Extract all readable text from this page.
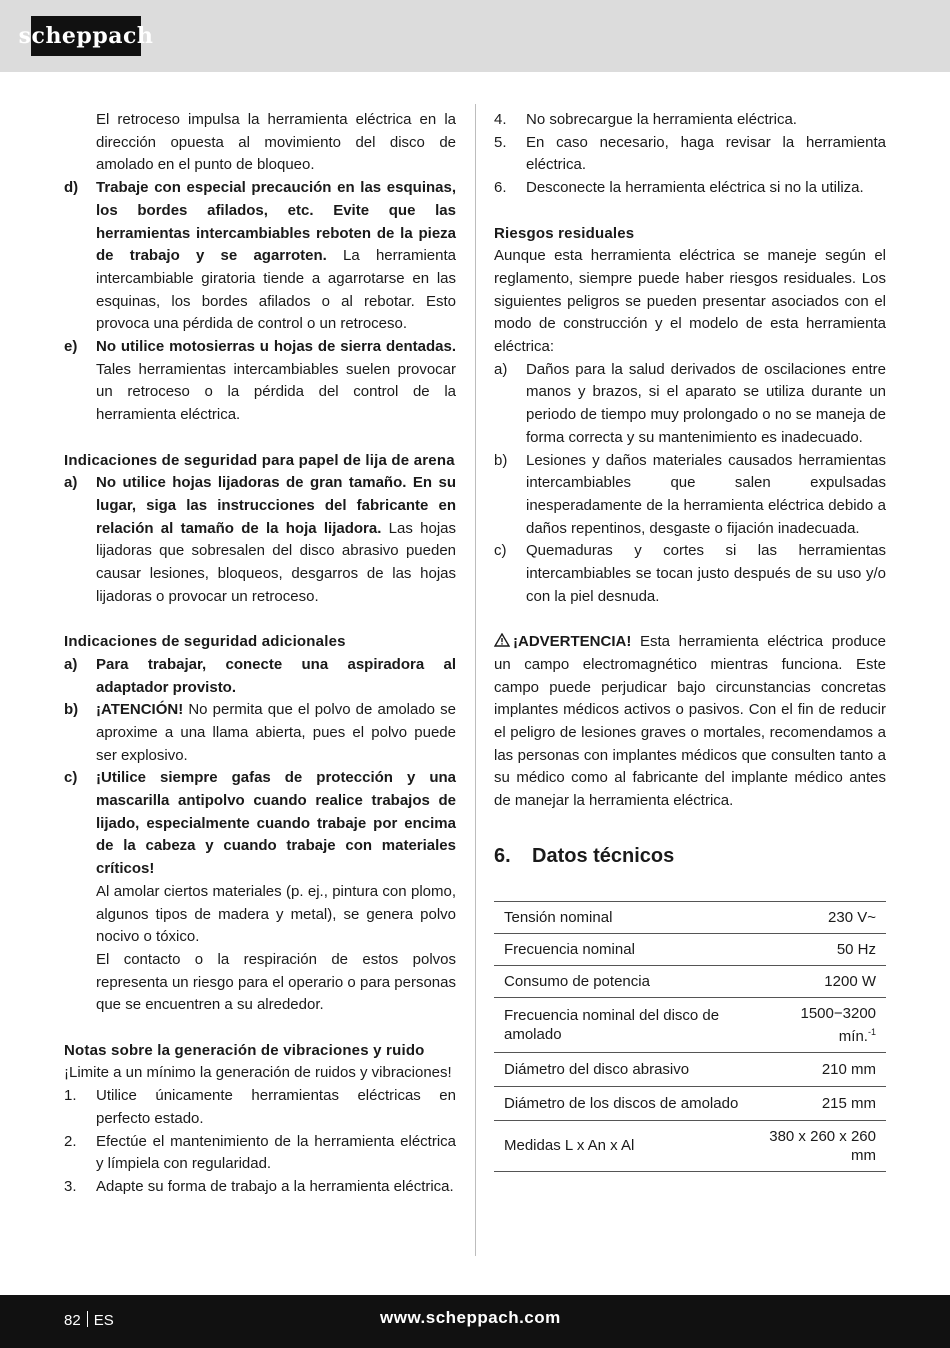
scheppach

El retroceso impulsa la herramienta eléctrica en la dirección opuesta al movimiento del disco de amolado en el punto de bloqueo.

d)	Trabaje con especial precaución en las esquinas, los bordes afilados, etc. Evite que las herramientas intercambiables reboten de la pieza de trabajo y se agarroten. La herramienta intercambiable giratoria tiende a agarrotarse en las esquinas, los bordes afilados o al rebotar. Esto provoca una pérdida de control o un retroceso.
e)	No utilice motosierras u hojas de sierra dentadas. Tales herramientas intercambiables suelen provocar un retroceso o la pérdida del control de la herramienta eléctrica.

Indicaciones de seguridad para papel de lija de arena

a)	No utilice hojas lijadoras de gran tamaño. En su lugar, siga las instrucciones del fabricante en relación al tamaño de la hoja lijadora. Las hojas lijadoras que sobresalen del disco abrasivo pueden causar lesiones, bloqueos, desgarros de las hojas lijadoras o provocar un retroceso.

Indicaciones de seguridad adicionales

a)	Para trabajar, conecte una aspiradora al adaptador provisto.
b)	¡ATENCIÓN! No permita que el polvo de amolado se aproxime a una llama abierta, pues el polvo puede ser explosivo.
c)	¡Utilice siempre gafas de protección y una mascarilla antipolvo cuando realice trabajos de lijado, especialmente cuando trabaje por encima de la cabeza y cuando trabaje con materiales críticos!

Al amolar ciertos materiales (p. ej., pintura con plomo, algunos tipos de madera y metal), se genera polvo nocivo o tóxico.

El contacto o la respiración de estos polvos representa un riesgo para el operario o para personas que se encuentren a su alrededor.

Notas sobre la generación de vibraciones y ruido

¡Limite a un mínimo la generación de ruidos y vibraciones!

1.	Utilice únicamente herramientas eléctricas en perfecto estado.
2.	Efectúe el mantenimiento de la herramienta eléctrica y límpiela con regularidad.
3.	Adapte su forma de trabajo a la herramienta eléctrica.
4.	No sobrecargue la herramienta eléctrica.
5.	En caso necesario, haga revisar la herramienta eléctrica.
6.	Desconecte la herramienta eléctrica si no la utiliza.

Riesgos residuales

Aunque esta herramienta eléctrica se maneje según el reglamento, siempre puede haber riesgos residuales. Los siguientes peligros se pueden presentar asociados con el modo de construcción y el modelo de esta herramienta eléctrica:

a)	Daños para la salud derivados de oscilaciones entre manos y brazos, si el aparato se utiliza durante un periodo de tiempo muy prolongado o no se maneja de forma correcta y su mantenimiento es inadecuado.
b)	Lesiones y daños materiales causados herramientas intercambiables que salen expulsadas inesperadamente de la herramienta eléctrica debido a daños repentinos, desgaste o fijación inadecuada.
c)	Quemaduras y cortes si las herramientas intercambiables se tocan justo después de su uso y/o con la piel desnuda.

¡ADVERTENCIA! Esta herramienta eléctrica produce un campo electromagnético mientras funciona. Este campo puede perjudicar bajo circunstancias concretas implantes médicos activos o pasivos. Con el fin de reducir el peligro de lesiones graves o mortales, recomendamos a las personas con implantes médicos que consulten tanto a su médico como al fabricante del implante médico antes de manejar la herramienta eléctrica.

6.	Datos técnicos

Tensión nominal	230 V~
Frecuencia nominal	50 Hz
Consumo de potencia	1200 W
Frecuencia nominal del disco de amolado	1500−3200 mín.$^{-1}$
Diámetro del disco abrasivo	210 mm
Diámetro de los discos de amolado	215 mm
Medidas L x An x Al	380 x 260 x 260 mm
82 ES	www.scheppach.com
